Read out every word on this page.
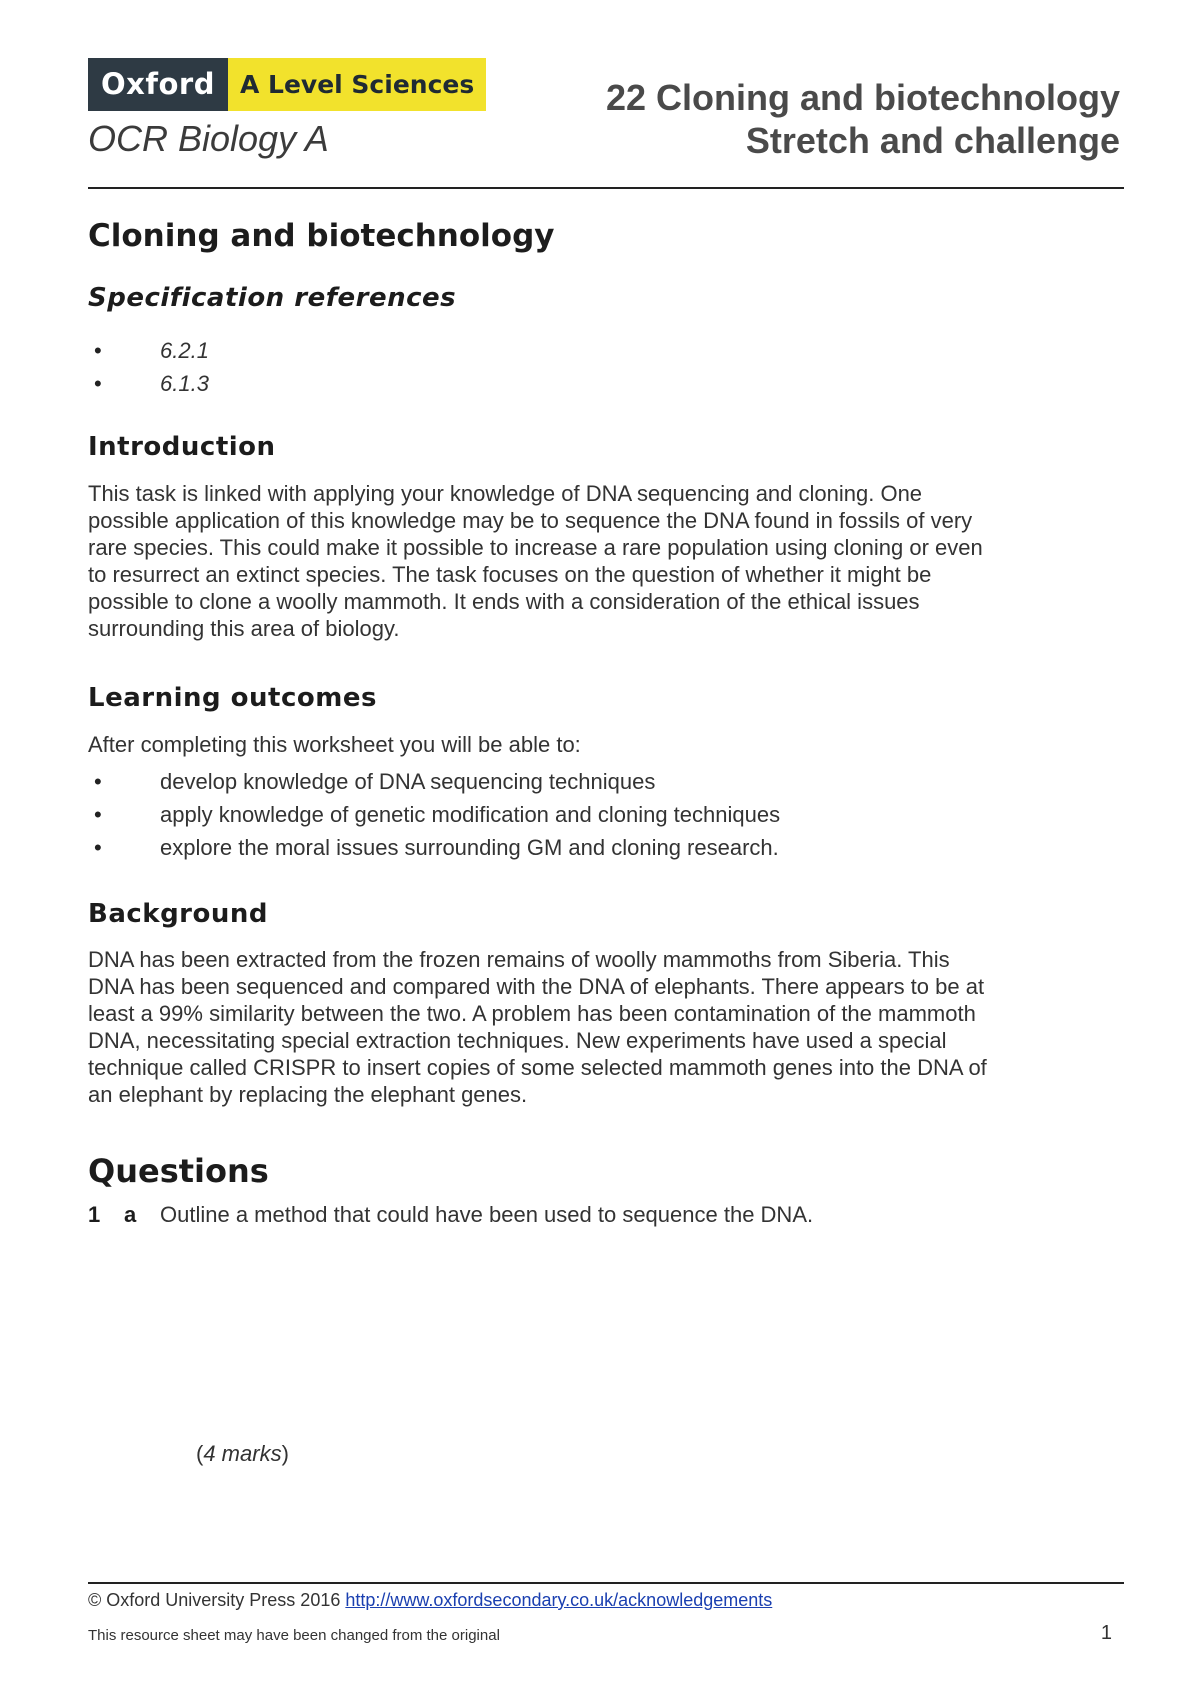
Oxford	A Level Sciences
OCR Biology A
22 Cloning and biotechnology
Stretch and challenge
Cloning and biotechnology
Specification references
• 6.2.1
• 6.1.3
Introduction

This task is linked with applying your knowledge of DNA sequencing and cloning. One possible application of this knowledge may be to sequence the DNA found in fossils of very rare species. This could make it possible to increase a rare population using cloning or even to resurrect an extinct species. The task focuses on the question of whether it might be possible to clone a woolly mammoth. It ends with a consideration of the ethical issues surrounding this area of biology.

Learning outcomes

After completing this worksheet you will be able to:

• develop knowledge of DNA sequencing techniques
• apply knowledge of genetic modification and cloning techniques
• explore the moral issues surrounding GM and cloning research.
Background

DNA has been extracted from the frozen remains of woolly mammoths from Siberia. This DNA has been sequenced and compared with the DNA of elephants. There appears to be at least a 99% similarity between the two. A problem has been contamination of the mammoth DNA, necessitating special extraction techniques. New experiments have used a special technique called CRISPR to insert copies of some selected mammoth genes into the DNA of an elephant by replacing the elephant genes.

Questions
1	a	Outline a method that could have been used to sequence the DNA.
(4 marks)
© Oxford University Press 2016 http://www.oxfordsecondary.co.uk/acknowledgements
This resource sheet may have been changed from the original	1
